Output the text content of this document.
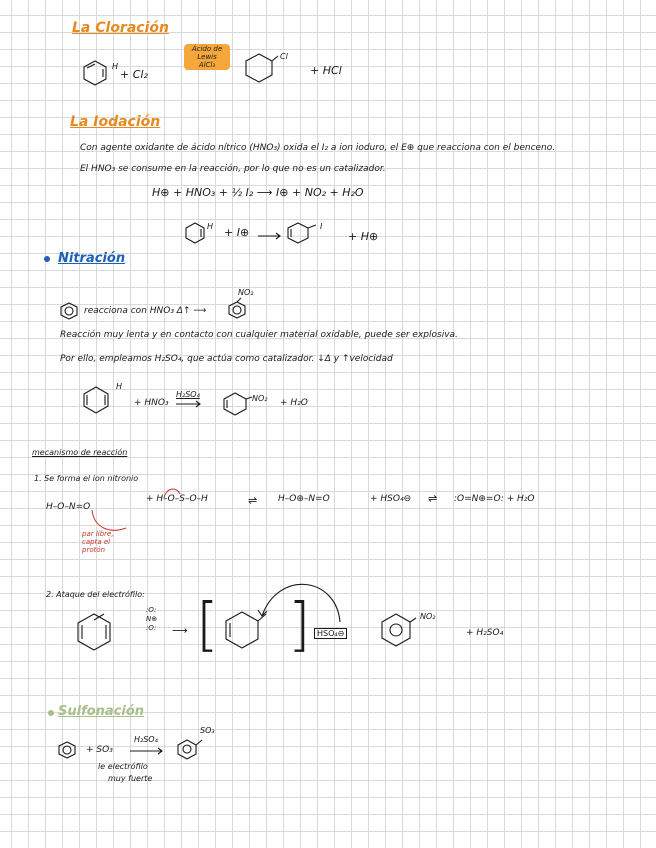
La Cloración
H
+ Cl₂
Ácido de
Lewis
AlCl₃
Cl
+ HCl
La Iodación
Con agente oxidante de ácido nítrico (HNO₃) oxida el I₂ a ion ioduro, el E⊕ que reacciona con el benceno.
El HNO₃ se consume en la reacción, por lo que no es un catalizador.
H⊕ + HNO₃ + ½ I₂ ⟶ I⊕ + NO₂ + H₂O
H + I⊕	I
+ H⊕
Nitración
reacciona con HNO₃ Δ↑ ⟶
NO₂
Reacción muy lenta y en contacto con cualquier material oxidable, puede ser explosiva.
Por ello, empleamos H₂SO₄, que actúa como catalizador. ↓Δ y ↑velocidad
H
+ HNO₃
H₂SO₄	NO₂ + H₂O
mecanismo de reacción
1. Se forma el ion nitronio
H–O–N=O
par libre, capta el protón
+ H–O–S–O–H	⇌ H–O⊕–N=O	+ HSO₄⊖ ⇌ :O=N⊕=O: + H₂O
2. Ataque del electrófilo:
:O:
N⊕
:O:	⟶ [ ] HSO₄⊖
NO₂
+ H₂SO₄
Sulfonación
+ SO₃
H₂SO₄
SO₃
le electrófilo
muy fuerte
